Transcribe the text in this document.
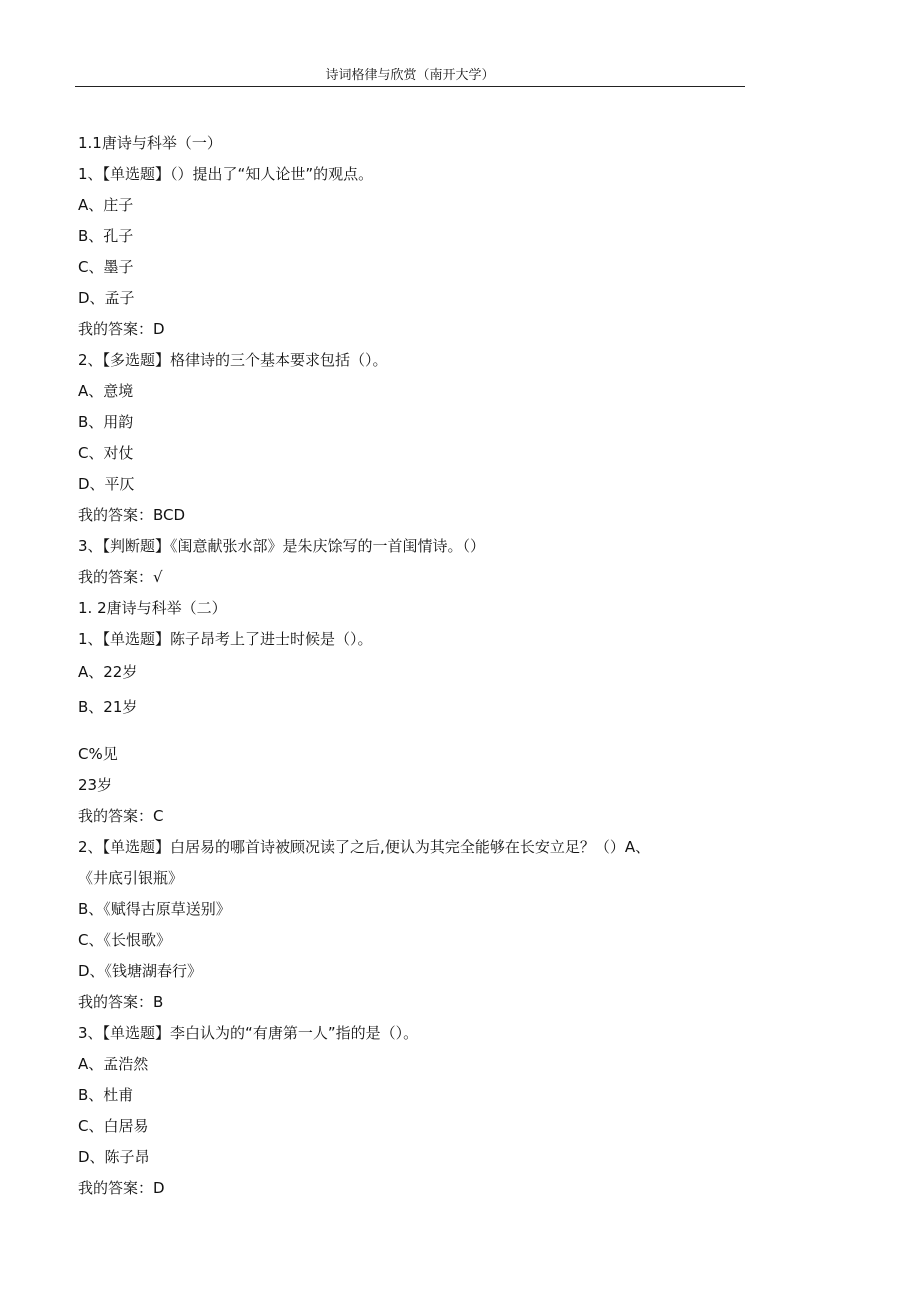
诗词格律与欣赏（南开大学）
1.1唐诗与科举（一）
1、【单选题】（）提出了“知人论世”的观点。
A、庄子
B、孔子
C、墨子
D、孟子
我的答案：D
2、【多选题】格律诗的三个基本要求包括（）。
A、意境
B、用韵
C、对仗
D、平仄
我的答案：BCD
3、【判断题】《闺意献张水部》是朱庆馀写的一首闺情诗。（）
我的答案：√
1. 2唐诗与科举（二）
1、【单选题】陈子昂考上了进士时候是（）。
A、22岁
B、21岁
C%见
23岁
我的答案：C
2、【单选题】白居易的哪首诗被顾况读了之后,便认为其完全能够在长安立足？（）A、
《井底引银瓶》
B、《赋得古原草送别》
C、《长恨歌》
D、《钱塘湖春行》
我的答案：B
3、【单选题】李白认为的“有唐第一人”指的是（）。
A、孟浩然
B、杜甫
C、白居易
D、陈子昂
我的答案：D
